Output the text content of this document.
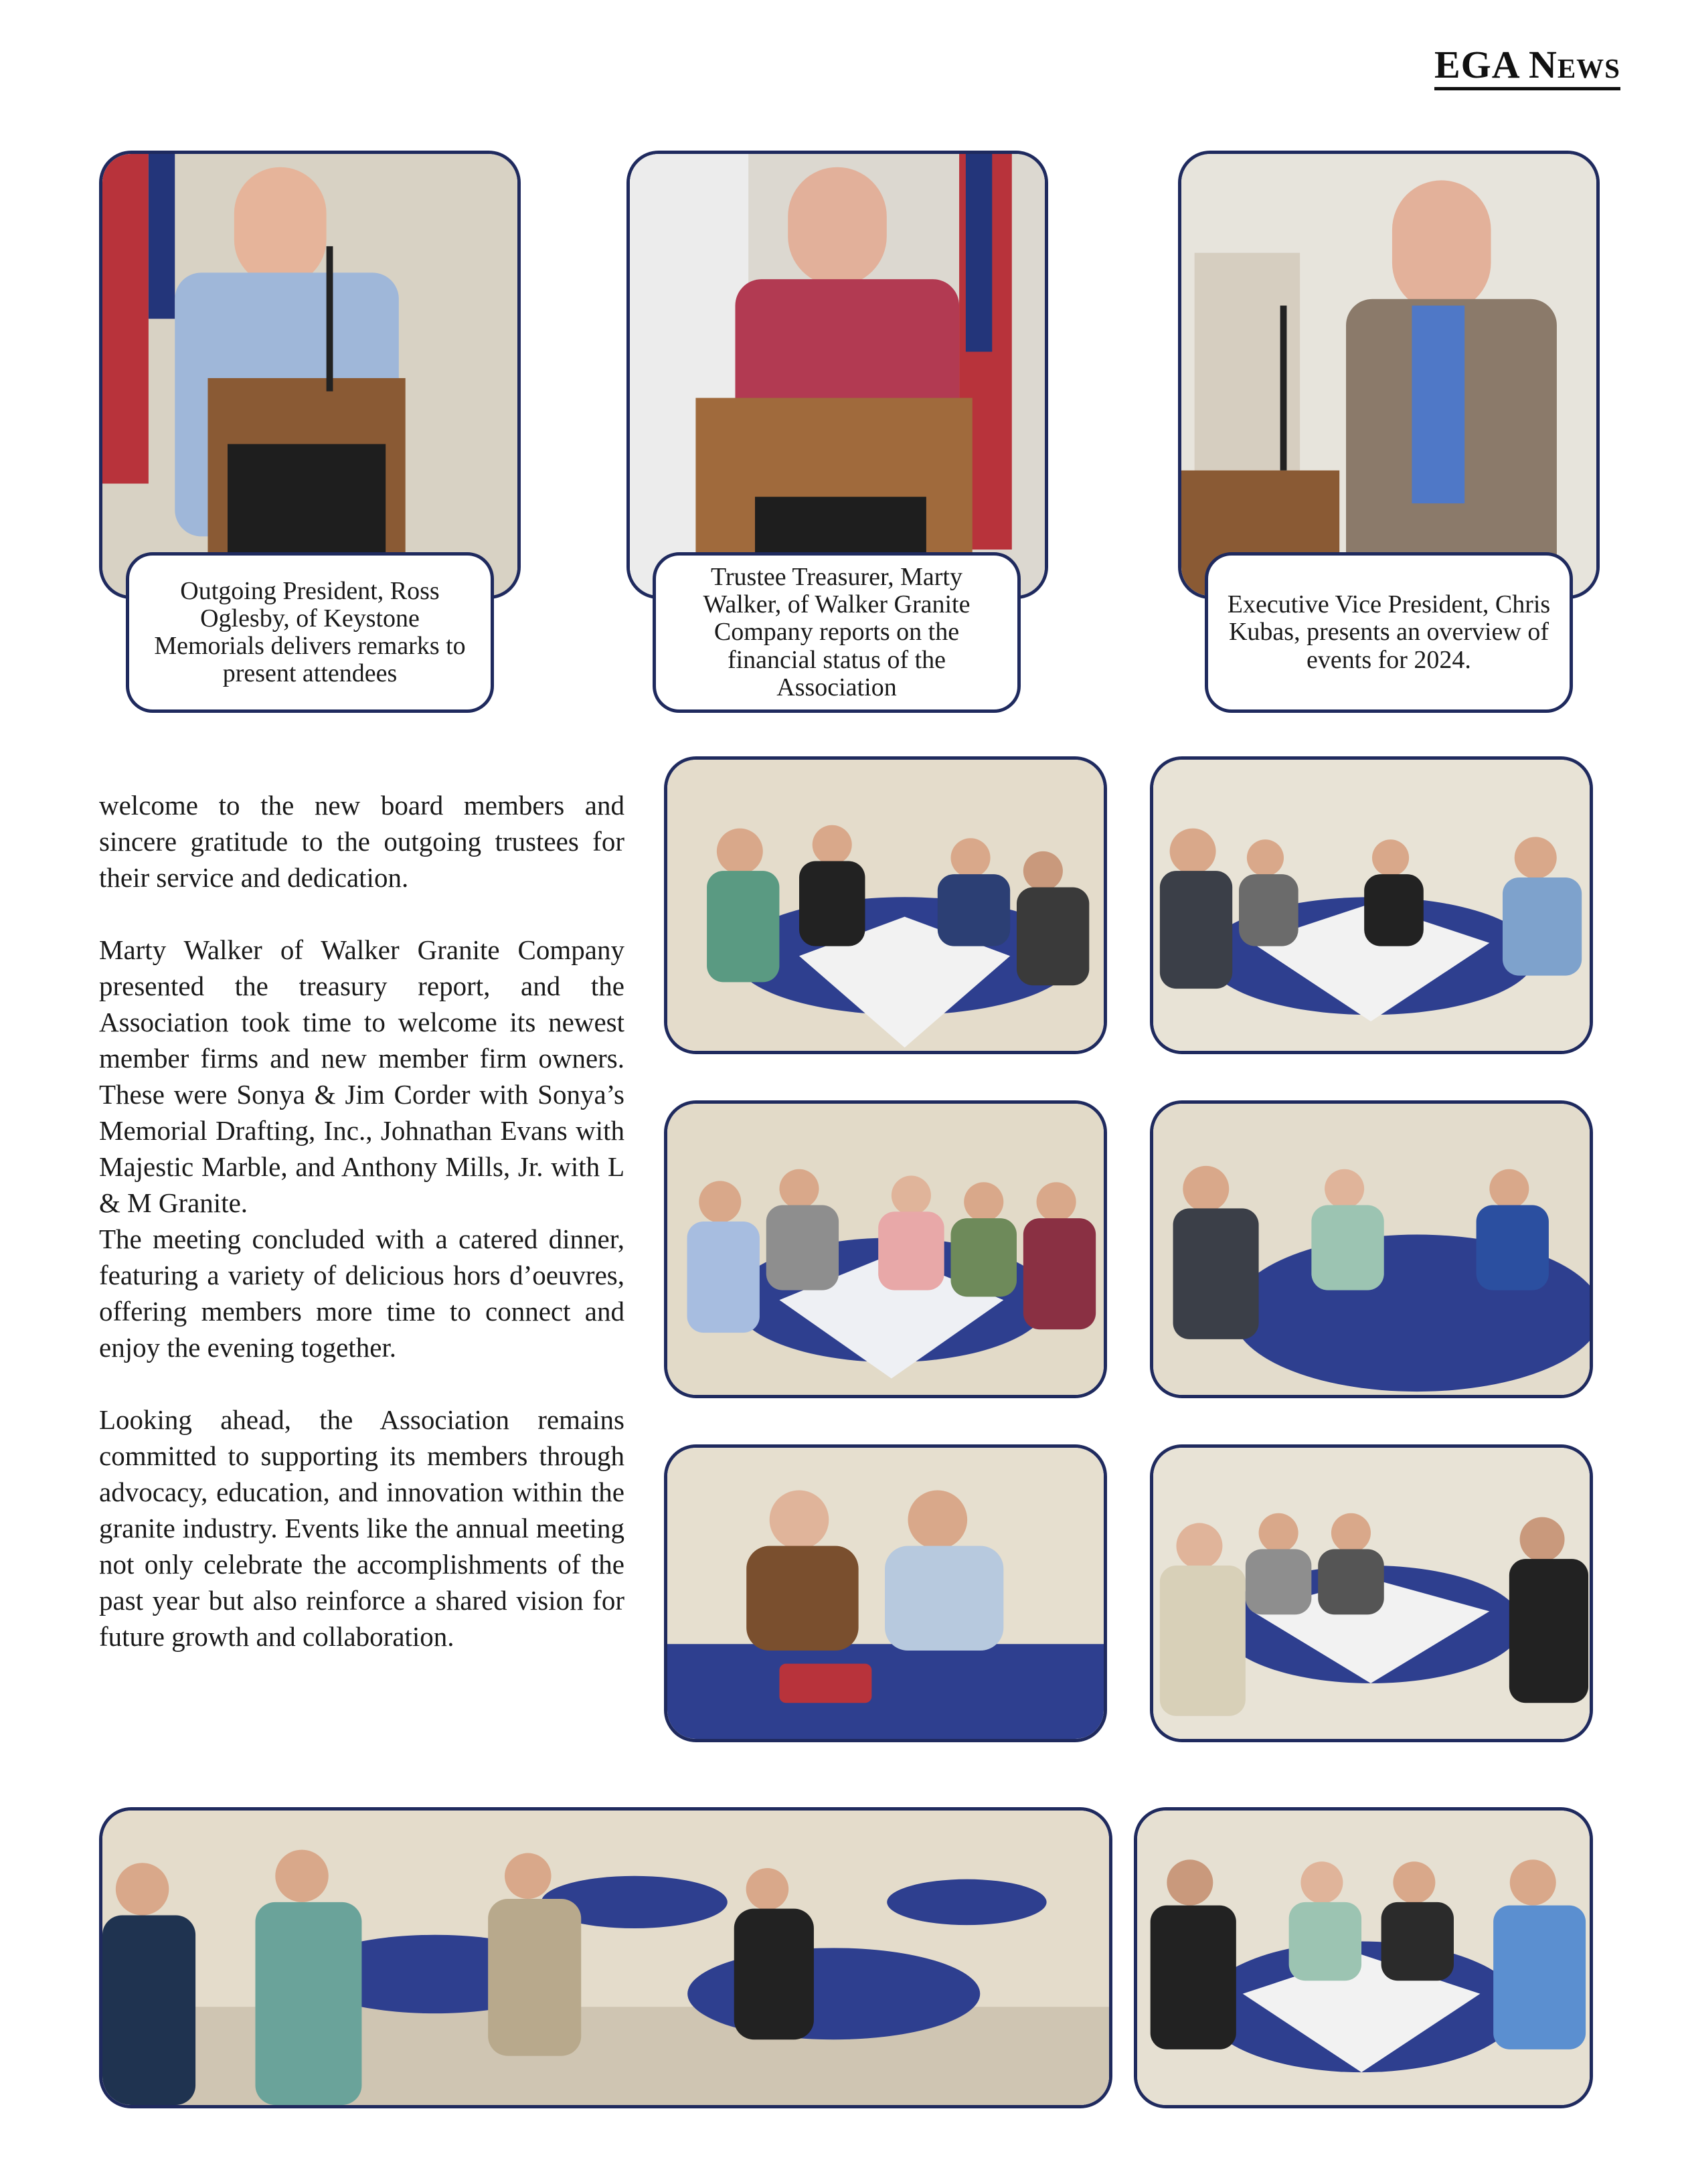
EGA News
Outgoing President, Ross Oglesby, of Keystone Memorials delivers remarks to present attendees
Trustee Treasurer, Marty Walker, of Walker Granite Company reports on the financial status of the Association
Executive Vice President, Chris Kubas, presents an overview of events for 2024.

welcome to the new board members and sincere gratitude to the outgoing trustees for their service and dedication.

Marty Walker of Walker Granite Company presented the treasury report, and the Association took time to welcome its newest member firms and new member firm owners. These were Sonya & Jim Corder with Sonya’s Memorial Drafting, Inc., Johnathan Evans with Majestic Marble, and Anthony Mills, Jr. with L & M Granite.

The meeting concluded with a catered dinner, featuring a variety of delicious hors d’oeuvres, offering members more time to connect and enjoy the evening together.

Looking ahead, the Association remains committed to supporting its members through advocacy, education, and innovation within the granite industry. Events like the annual meeting not only celebrate the accomplishments of the past year but also reinforce a shared vision for future growth and collaboration.
